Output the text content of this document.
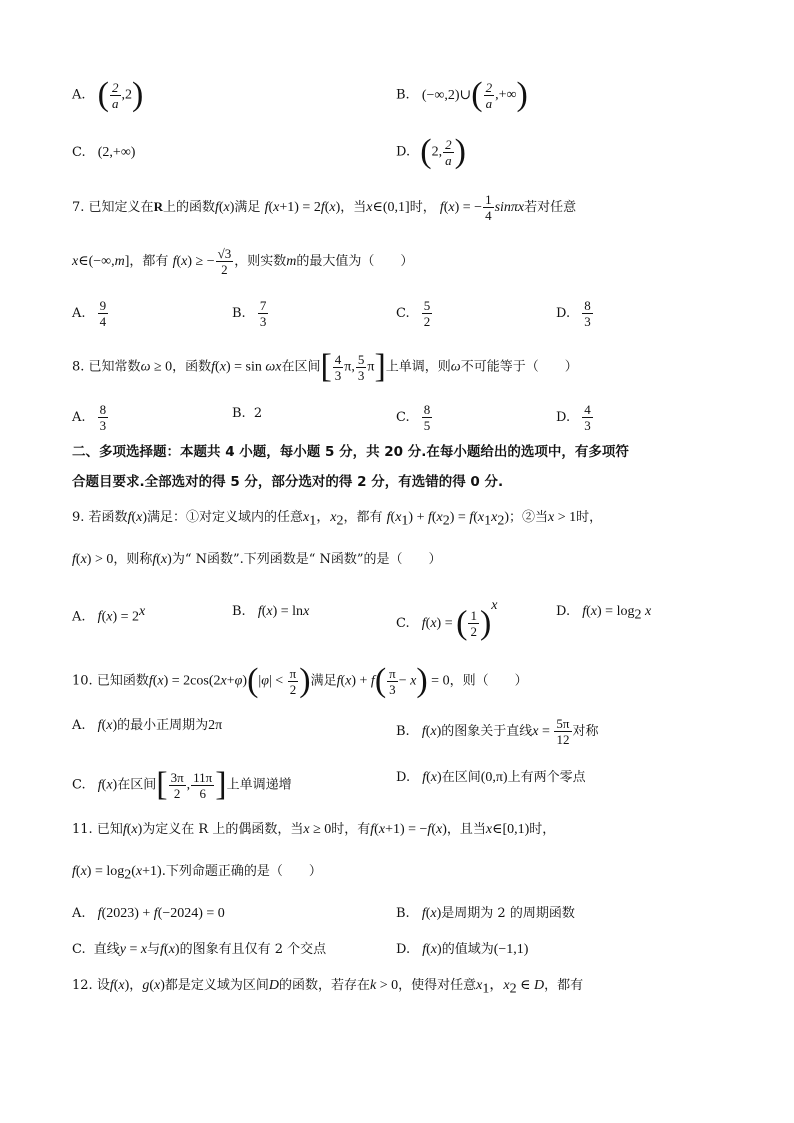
A. ( $\frac{2}{a} ,2$)	B. (−∞,2)∪( $\frac{2}{a}$ ,+∞)
C. (2,+∞)	D. (2, $\frac{2}{a}$ )
7. 已知定义在R上的函数f(x)满足 f(x+1) = 2f(x)，当x∈(0,1]时， f(x) = − $\frac{1}{4}$ sinπx若对任意
x∈(−∞,m]，都有 f(x) ≥ − $\frac{√3}{2}$ ，则实数m的最大值为（　　）
A. $\frac{9}{4}$	B. $\frac{7}{3}$	C. $\frac{5}{2}$	D. $\frac{8}{3}$
8. 已知常数ω ≥ 0，函数f(x) = sin ωx在区间[ $\frac{4}{3} \pi$, $\frac{5}{3} \pi$]上单调，则ω不可能等于（　　）
A. $\frac{8}{3}$	B. 2	C. $\frac{8}{5}$	D. $\frac{4}{3}$
二、多项选择题：本题共 4 小题，每小题 5 分，共 20 分.在每小题给出的选项中，有多项符
合题目要求.全部选对的得 5 分，部分选对的得 2 分，有选错的得 0 分.
9. 若函数f(x)满足：①对定义域内的任意$x_1$，$x_2$，都有 $f(x_1) + f(x_2) = f(x_1x_2)$；②当x > 1时，
f(x) > 0，则称f(x)为“ N函数”.下列函数是“ N函数”的是（　　）
A. $f(x) = 2^x$	B. f(x) = lnx
C. f(x) = ( $\frac{1}{2} )^x$	D. $f(x) = \log_2 x$
10. 已知函数$f(x) = 2\cos(2x+\varphi)(|\varphi| < \frac{\pi}{2}$ )满足$f(x) + f( \frac{\pi}{3} - x) = 0$，则（　　）
A. f(x)的最小正周期为2π	B. f(x)的图象关于直线$x = \frac{5\pi}{12}$ 对称
C. f(x)在区间[ $\frac{3\pi}{2}$ , $\frac{11\pi}{6}$ ]上单调递增	D. f(x)在区间(0,π)上有两个零点
11. 已知f(x)为定义在 R 上的偶函数，当x ≥ 0时，有f(x+1) = −f(x)，且当x∈[0,1)时，
$f(x) = \log_2(x+1)$.下列命题正确的是（　　）
A. f(2023) + f(−2024) = 0	B. f(x)是周期为 2 的周期函数
C. 直线y = x与f(x)的图象有且仅有 2 个交点	D. f(x)的值域为(−1,1)
12. 设f(x)，g(x)都是定义域为区间D的函数，若存在k > 0，使得对任意$x_1$，$x_2$ ∈ D，都有
